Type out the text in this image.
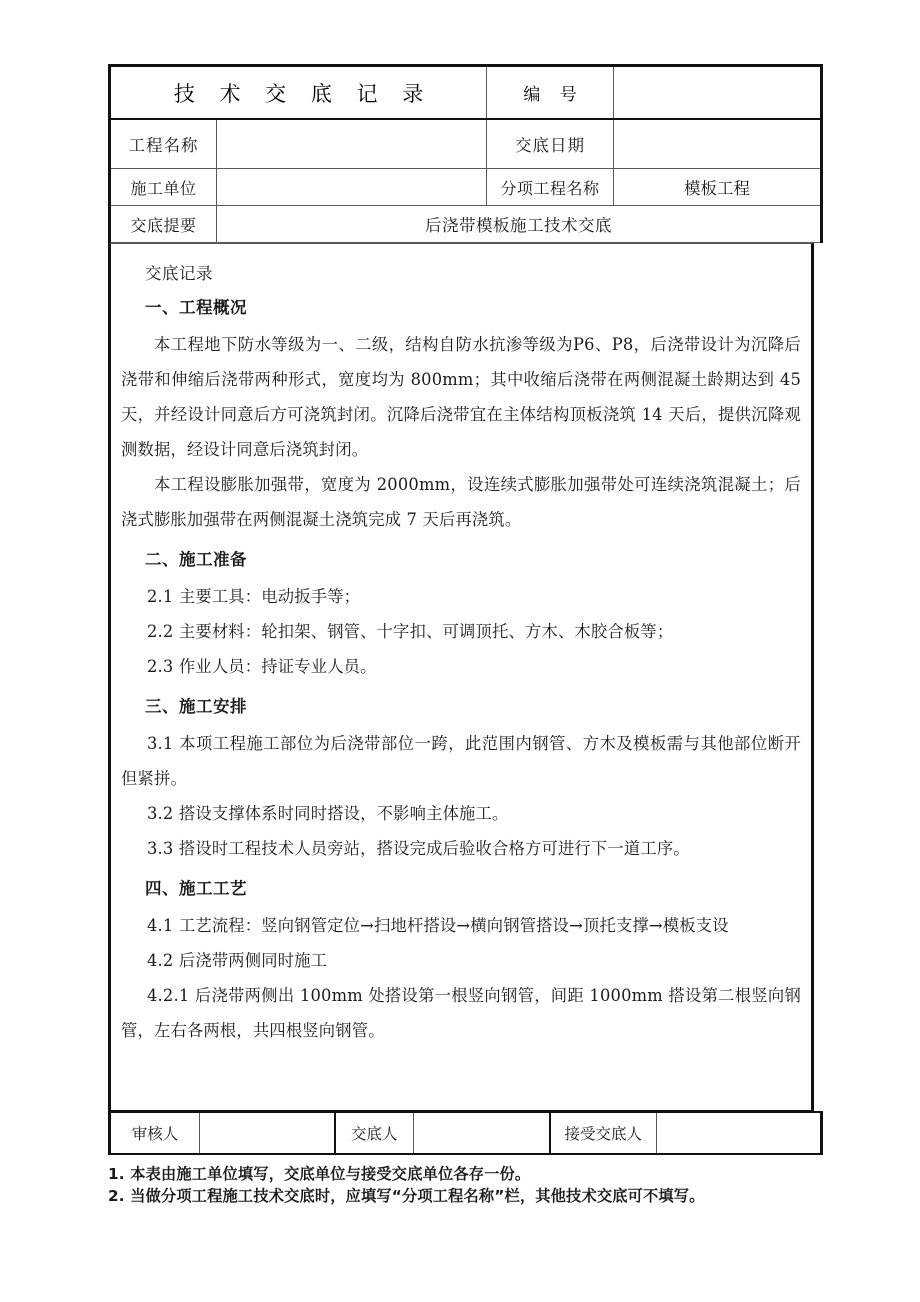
技 术 交 底 记 录		编 号	
工程名称		交底日期	
施工单位		分项工程名称	模板工程
交底提要	后浇带模板施工技术交底		
交底记录
一、工程概况

本工程地下防水等级为一、二级，结构自防水抗渗等级为P6、P8，后浇带设计为沉降后浇带和伸缩后浇带两种形式，宽度均为 800mm；其中收缩后浇带在两侧混凝土龄期达到 45 天，并经设计同意后方可浇筑封闭。沉降后浇带宜在主体结构顶板浇筑 14 天后，提供沉降观测数据，经设计同意后浇筑封闭。

本工程设膨胀加强带，宽度为 2000mm，设连续式膨胀加强带处可连续浇筑混凝土；后浇式膨胀加强带在两侧混凝土浇筑完成 7 天后再浇筑。

二、施工准备

2.1 主要工具：电动扳手等；

2.2 主要材料：轮扣架、钢管、十字扣、可调顶托、方木、木胶合板等；

2.3 作业人员：持证专业人员。

三、施工安排

3.1 本项工程施工部位为后浇带部位一跨，此范围内钢管、方木及模板需与其他部位断开但紧拼。

3.2 搭设支撑体系时同时搭设，不影响主体施工。

3.3 搭设时工程技术人员旁站，搭设完成后验收合格方可进行下一道工序。

四、施工工艺

4.1 工艺流程：竖向钢管定位→扫地杆搭设→横向钢管搭设→顶托支撑→模板支设

4.2 后浇带两侧同时施工

4.2.1 后浇带两侧出 100mm 处搭设第一根竖向钢管，间距 1000mm 搭设第二根竖向钢管，左右各两根，共四根竖向钢管。

审核人		交底人		接受交底人	
1. 本表由施工单位填写，交底单位与接受交底单位各存一份。
2. 当做分项工程施工技术交底时，应填写“分项工程名称”栏，其他技术交底可不填写。
